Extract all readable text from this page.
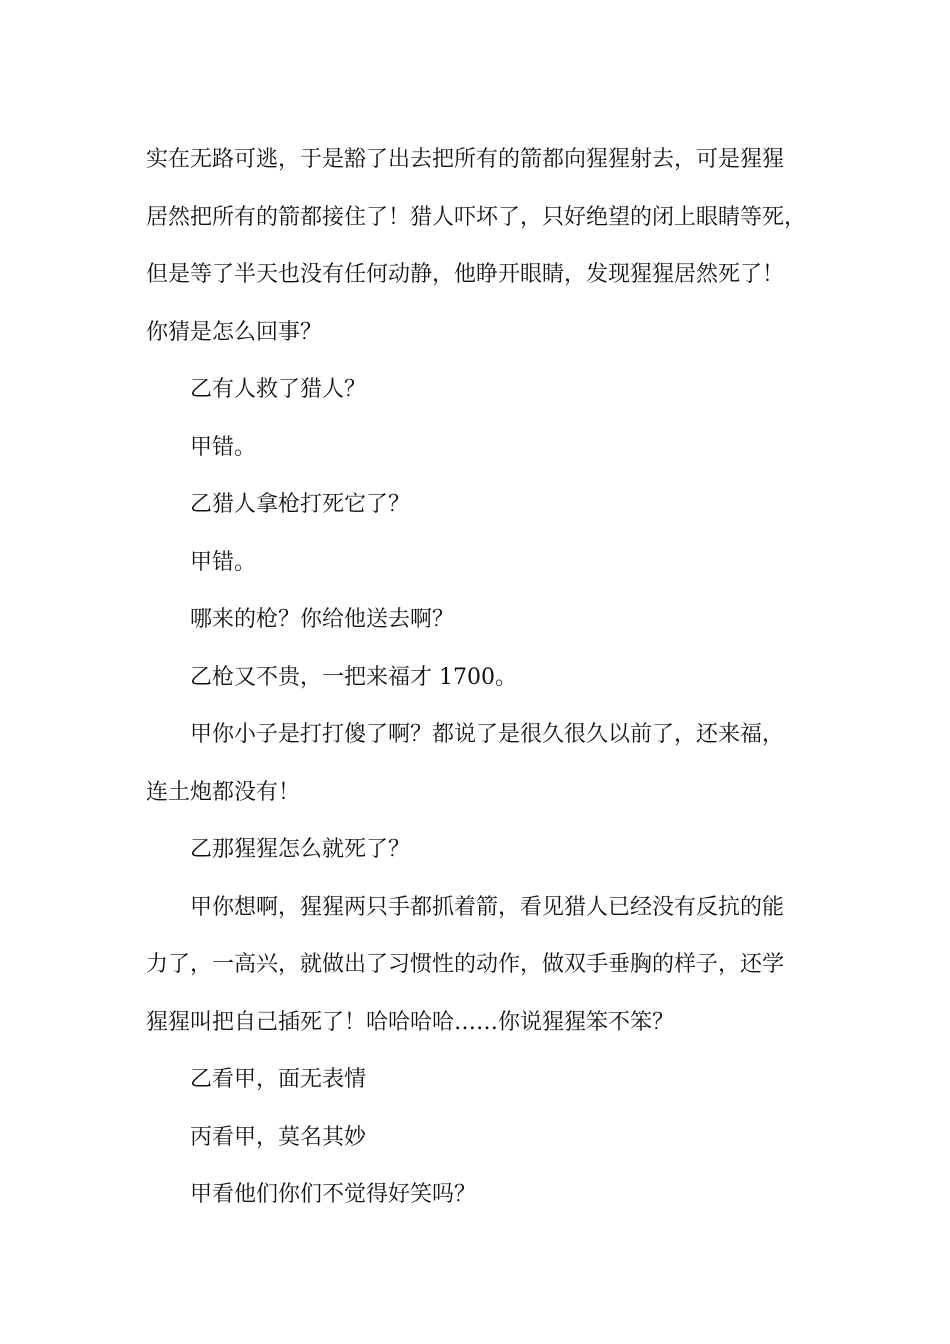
实在无路可逃，于是豁了出去把所有的箭都向猩猩射去，可是猩猩

居然把所有的箭都接住了！猎人吓坏了，只好绝望的闭上眼睛等死，

但是等了半天也没有任何动静，他睁开眼睛，发现猩猩居然死了！

你猜是怎么回事？

乙有人救了猎人？

甲错。

乙猎人拿枪打死它了？

甲错。

哪来的枪？你给他送去啊？

乙枪又不贵，一把来福才 1700。

甲你小子是打打傻了啊？都说了是很久很久以前了，还来福，

连土炮都没有！

乙那猩猩怎么就死了？

甲你想啊，猩猩两只手都抓着箭，看见猎人已经没有反抗的能

力了，一高兴，就做出了习惯性的动作，做双手垂胸的样子，还学

猩猩叫把自己插死了！哈哈哈哈……你说猩猩笨不笨？

乙看甲，面无表情

丙看甲，莫名其妙

甲看他们你们不觉得好笑吗？
